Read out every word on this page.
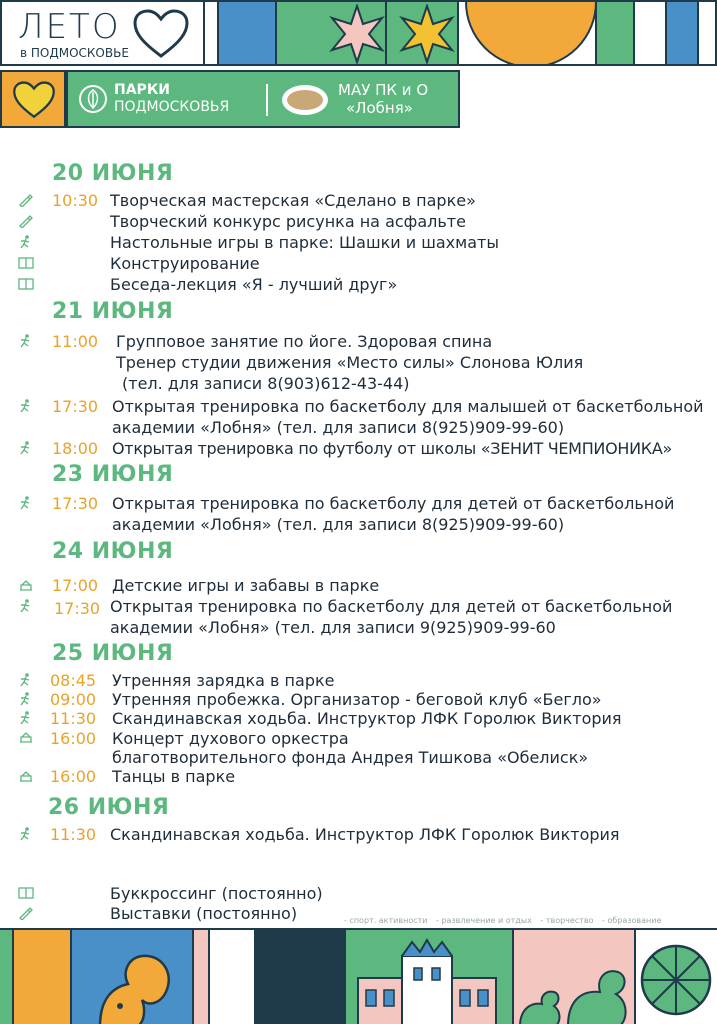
ЛЕТО
в ПОДМОСКОВЬЕ
ПАРКИ
ПОДМОСКОВЬЯ
МАУ ПК и О
«Лобня»
20 ИЮНЯ
10:30 Творческая мастерская «Сделано в парке»
Творческий конкурс рисунка на асфальте
Настольные игры в парке: Шашки и шахматы
Конструирование
Беседа-лекция «Я - лучший друг»
21 ИЮНЯ
11:00 Групповое занятие по йоге. Здоровая спина
Тренер студии движения «Место силы» Слонова Юлия
(тел. для записи 8(903)612-43-44)
17:30 Открытая тренировка по баскетболу для малышей от баскетбольной
академии «Лобня» (тел. для записи 8(925)909-99-60)
18:00 Открытая тренировка по футболу от школы «ЗЕНИТ ЧЕМПИОНИКА»
23 ИЮНЯ
17:30 Открытая тренировка по баскетболу для детей от баскетбольной
академии «Лобня» (тел. для записи 8(925)909-99-60)
24 ИЮНЯ
17:00 Детские игры и забавы в парке
17:30 Открытая тренировка по баскетболу для детей от баскетбольной
академии «Лобня» (тел. для записи 9(925)909-99-60
25 ИЮНЯ
08:45 Утренняя зарядка в парке
09:00 Утренняя пробежка. Организатор - беговой клуб «Бегло»
11:30 Скандинавская ходьба. Инструктор ЛФК Горолюк Виктория
16:00 Концерт духового оркестра
благотворительного фонда Андрея Тишкова «Обелиск»
16:00 Танцы в парке
26 ИЮНЯ
11:30 Скандинавская ходьба. Инструктор ЛФК Горолюк Виктория
Буккроссинг (постоянно)
Выставки (постоянно)	- спорт. активности - развлечение и отдых - творчество - образование
